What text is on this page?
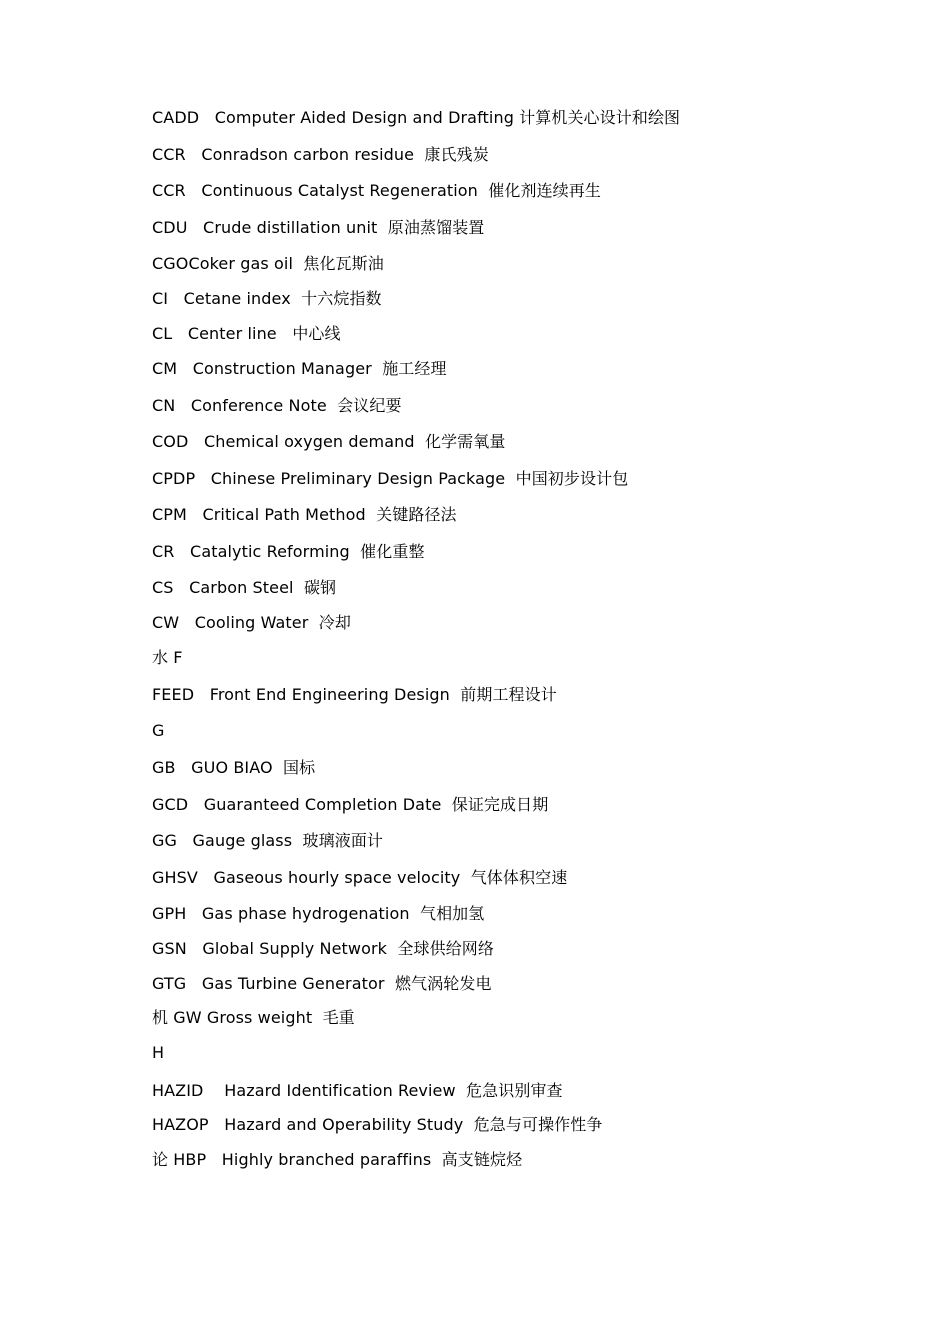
CADD   Computer Aided Design and Drafting 计算机关心设计和绘图
CCR   Conradson carbon residue  康氏残炭
CCR   Continuous Catalyst Regeneration  催化剂连续再生
CDU   Crude distillation unit  原油蒸馏装置
CGOCoker gas oil  焦化瓦斯油
CI   Cetane index  十六烷指数
CL   Center line   中心线
CM   Construction Manager  施工经理
CN   Conference Note  会议纪要
COD   Chemical oxygen demand  化学需氧量
CPDP   Chinese Preliminary Design Package  中国初步设计包
CPM   Critical Path Method  关键路径法
CR   Catalytic Reforming  催化重整
CS   Carbon Steel  碳钢
CW   Cooling Water  冷却
水 F
FEED   Front End Engineering Design  前期工程设计
G
GB   GUO BIAO  国标
GCD   Guaranteed Completion Date  保证完成日期
GG   Gauge glass  玻璃液面计
GHSV   Gaseous hourly space velocity  气体体积空速
GPH   Gas phase hydrogenation  气相加氢
GSN   Global Supply Network  全球供给网络
GTG   Gas Turbine Generator  燃气涡轮发电
机 GW Gross weight  毛重
H
HAZID    Hazard Identification Review  危急识别审查
HAZOP   Hazard and Operability Study  危急与可操作性争
论 HBP   Highly branched paraffins  高支链烷烃
